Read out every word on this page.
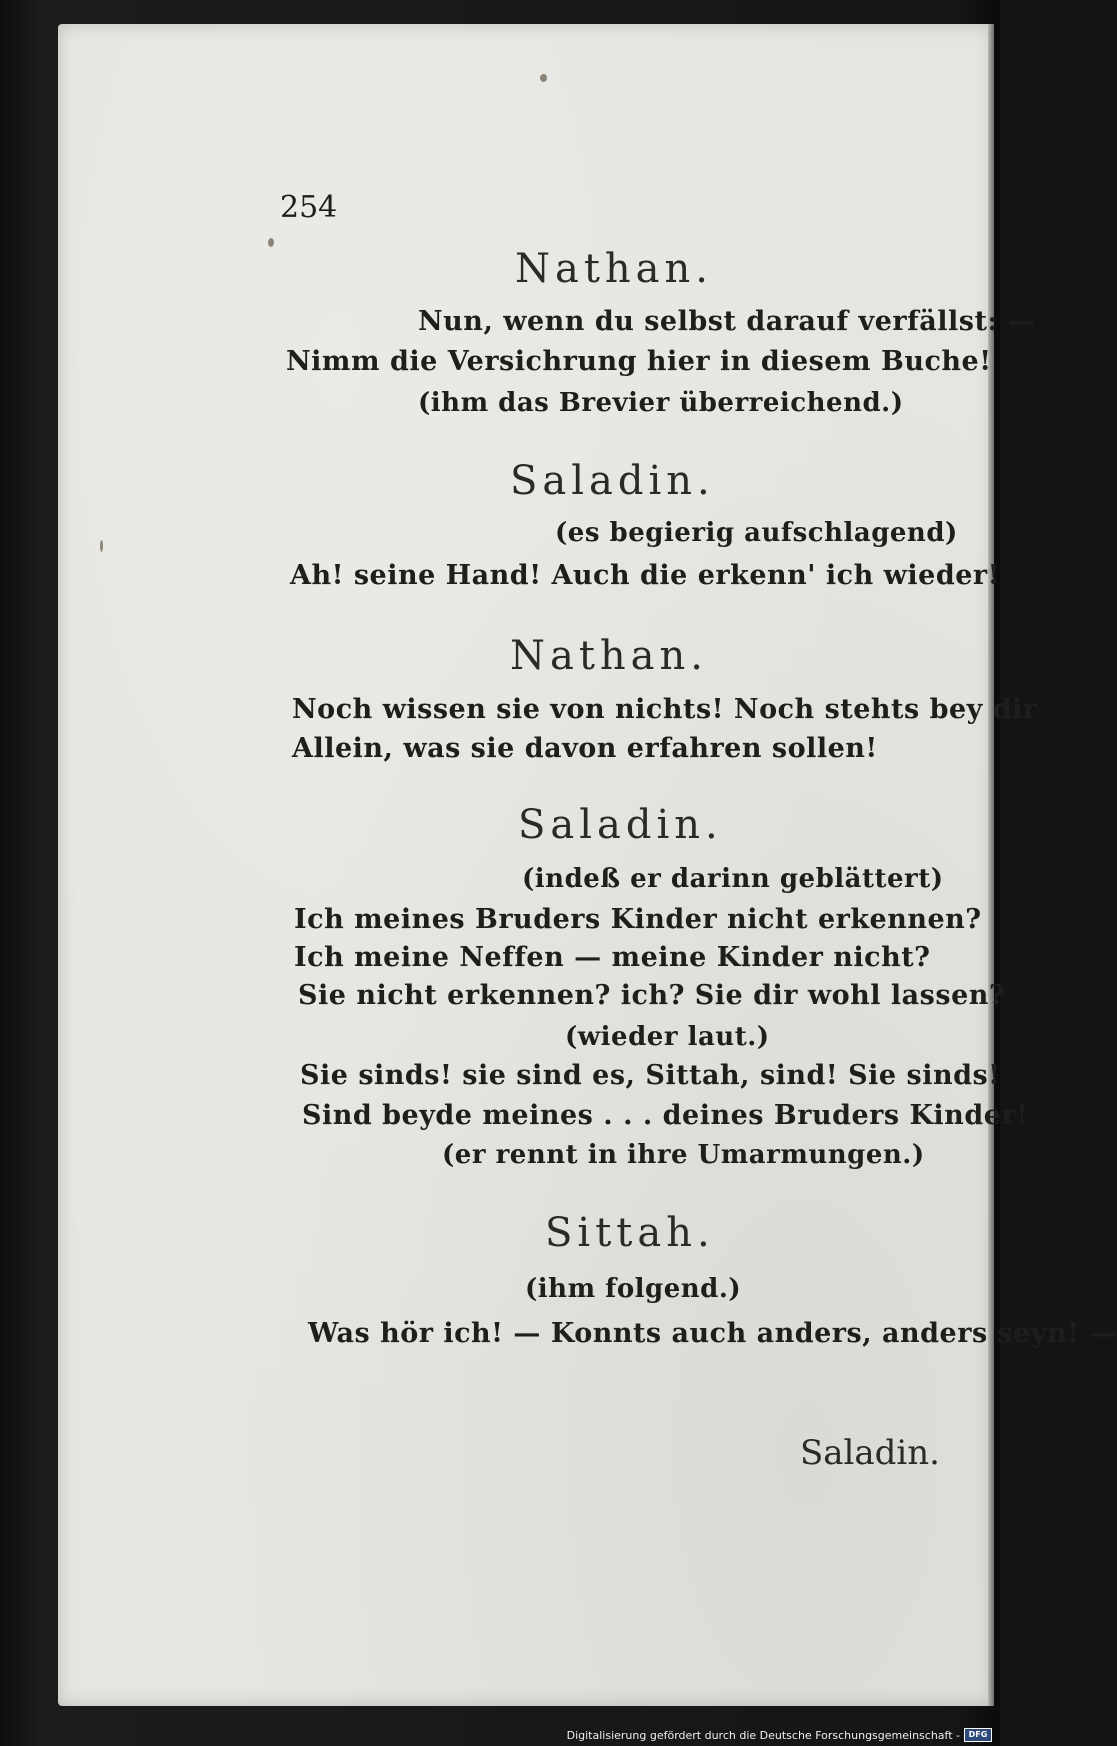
254
Nathan.
Nun, wenn du selbst darauf verfällst: —
Nimm die Versichrung hier in diesem Buche!
(ihm das Brevier überreichend.)
Saladin.
(es begierig aufschlagend)
Ah! seine Hand! Auch die erkenn' ich wieder!
Nathan.
Noch wissen sie von nichts! Noch stehts bey dir
Allein, was sie davon erfahren sollen!
Saladin.
(indeß er darinn geblättert)
Ich meines Bruders Kinder nicht erkennen?
Ich meine Neffen — meine Kinder nicht?
Sie nicht erkennen? ich? Sie dir wohl lassen?
(wieder laut.)
Sie sinds! sie sind es, Sittah, sind! Sie sinds!
Sind beyde meines . . . deines Bruders Kinder!
(er rennt in ihre Umarmungen.)
Sittah.
(ihm folgend.)
Was hör ich! — Konnts auch anders, anders seyn! —
Saladin.
Digitalisierung gefördert durch die Deutsche Forschungsgemeinschaft -	DFG
